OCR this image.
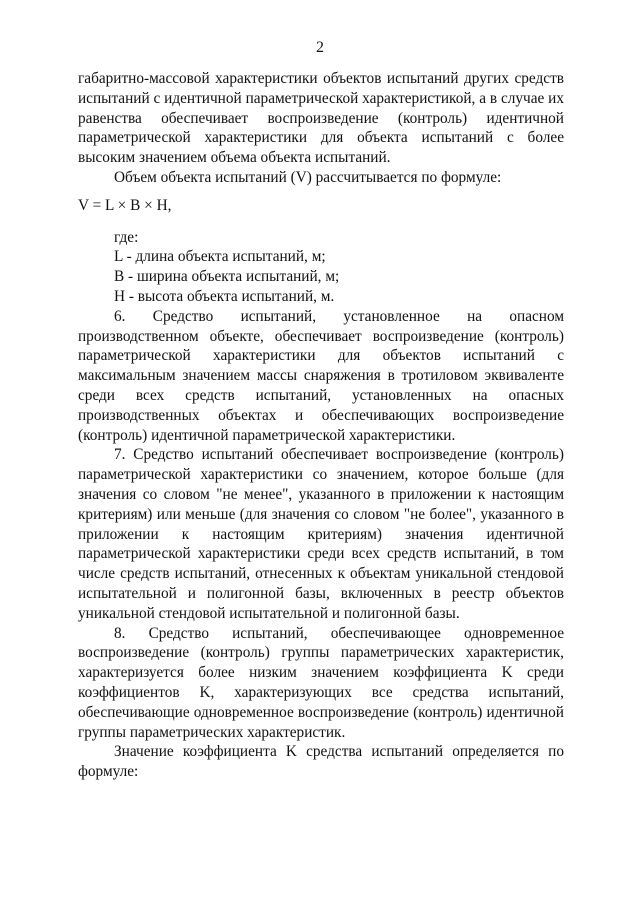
2

габаритно-массовой характеристики объектов испытаний других средств испытаний с идентичной параметрической характеристикой, а в случае их равенства обеспечивает воспроизведение (контроль) идентичной параметрической характеристики для объекта испытаний с более высоким значением объема объекта испытаний.

Объем объекта испытаний (V) рассчитывается по формуле:

V = L × B × H,

где:

L - длина объекта испытаний, м;

B - ширина объекта испытаний, м;

H - высота объекта испытаний, м.

6. Средство испытаний, установленное на опасном производственном объекте, обеспечивает воспроизведение (контроль) параметрической характеристики для объектов испытаний с максимальным значением массы снаряжения в тротиловом эквиваленте среди всех средств испытаний, установленных на опасных производственных объектах и обеспечивающих воспроизведение (контроль) идентичной параметрической характеристики.

7. Средство испытаний обеспечивает воспроизведение (контроль) параметрической характеристики со значением, которое больше (для значения со словом "не менее", указанного в приложении к настоящим критериям) или меньше (для значения со словом "не более", указанного в приложении к настоящим критериям) значения идентичной параметрической характеристики среди всех средств испытаний, в том числе средств испытаний, отнесенных к объектам уникальной стендовой испытательной и полигонной базы, включенных в реестр объектов уникальной стендовой испытательной и полигонной базы.

8. Средство испытаний, обеспечивающее одновременное воспроизведение (контроль) группы параметрических характеристик, характеризуется более низким значением коэффициента K среди коэффициентов K, характеризующих все средства испытаний, обеспечивающие одновременное воспроизведение (контроль) идентичной группы параметрических характеристик.

Значение коэффициента K средства испытаний определяется по формуле:
